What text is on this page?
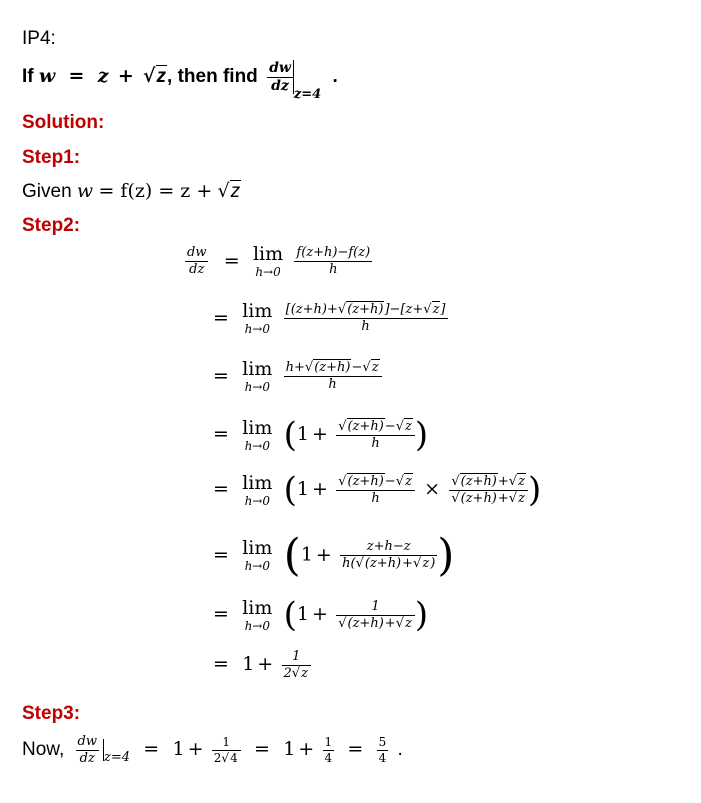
IP4:
If w = z + √z, then find $\frac{dw}{dz}$
$_{z=4}$ .
Solution:
Step1:
Given w = f(z) = z + √z
Step2:
$\frac{dw}{dz} = \lim$
h→0
$\frac{f(z+h)-f(z)}{h}$
= lim
h→0
$\frac{[(z+h)+√(z+h)]-[z+√z]}{h}$
= lim
h→0
$\frac{h+√(z+h)-√z}{h}$
= lim
h→0 ($1 + \frac{√(z+h)-√z}{h}$ )
= lim
h→0 ($1 + \frac{√(z+h)-√z}{h} \times \frac{√(z+h)+√z}{√(z+h)+√z}$ )
= lim
h→0 ($1 + \frac{z+h-z}{h(√(z+h)+√z)}$ )
= lim
h→0 ($1 + \frac{1}{√(z+h)+√z}$ )
= $1 + \frac{1}{2√z}$
Step3:
Now, $\frac{dw}{dz} _{z=4} = 1 + \frac{1}{2√4} = 1 + \frac{1}{4} = \frac{5}{4}$ .
